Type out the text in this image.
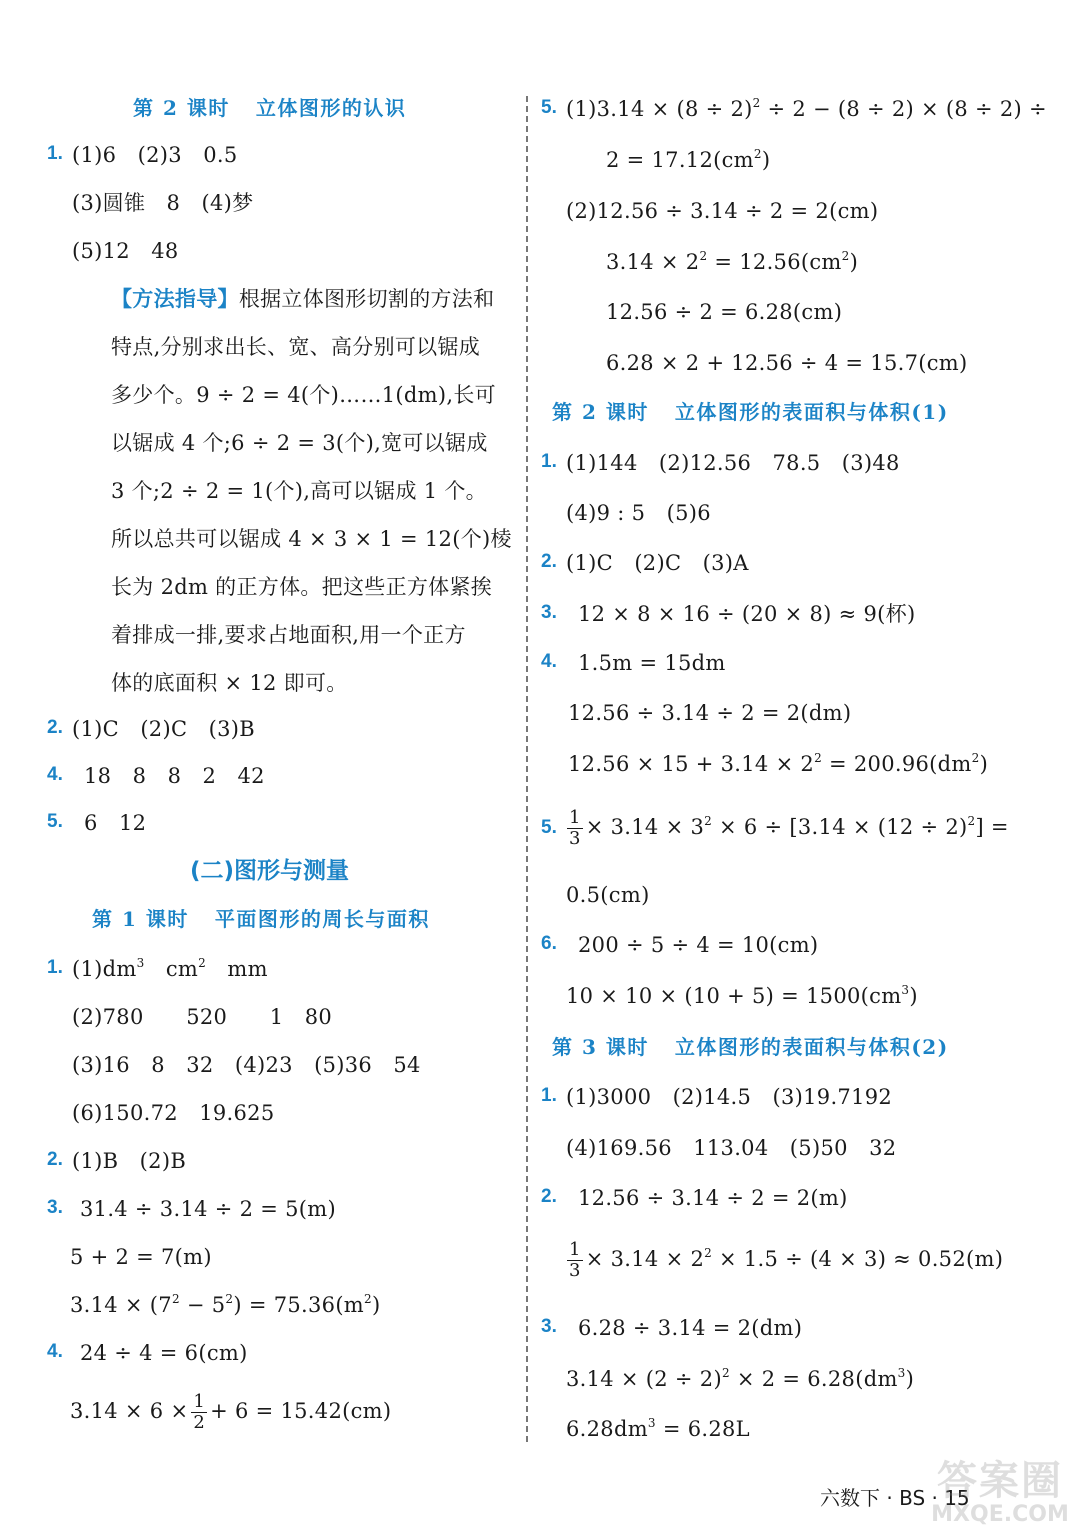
第 2 课时 立体图形的认识
1. (1)6　(2)3　0.5
(3)圆锥　8　(4)梦
(5)12　48
【方法指导】根据立体图形切割的方法和
特点,分别求出长、宽、高分别可以锯成
多少个。9 ÷ 2 = 4(个)……1(dm),长可
以锯成 4 个;6 ÷ 2 = 3(个),宽可以锯成
3 个;2 ÷ 2 = 1(个),高可以锯成 1 个。
所以总共可以锯成 4 × 3 × 1 = 12(个)棱
长为 2dm 的正方体。把这些正方体紧挨
着排成一排,要求占地面积,用一个正方
体的底面积 × 12 即可。
2. (1)C　(2)C　(3)B
4. 18　8　8　2　42
5. 6　12
(二)图形与测量
第 1 课时 平面图形的周长与面积
1. $(1)dm^3$　$cm^2$　mm
(2)780　　520　　1　80
(3)16　8　32　(4)23　(5)36　54
(6)150.72　19.625
2. (1)B　(2)B
3. 31.4 ÷ 3.14 ÷ 2 = 5(m)
5 + 2 = 7(m)
$3.14 \times (7^2 - 5^2) = 75.36(m^2)$
4. 24 ÷ 4 = 6(cm)
$3.14 \times 6 \times \frac{1}{2} + 6 = 15.42(cm)$
5. $(1)3.14 \times (8 \div 2)^2 \div 2 - (8 \div 2) \times (8 \div 2)$ ÷
$2 = 17.12(cm^2)$
(2)12.56 ÷ 3.14 ÷ 2 = 2(cm)
$3.14 \times 2^2 = 12.56(cm^2)$
12.56 ÷ 2 = 6.28(cm)
6.28 × 2 + 12.56 ÷ 4 = 15.7(cm)
第 2 课时 立体图形的表面积与体积(1)
1. (1)144　(2)12.56　78.5　(3)48
(4)9 : 5　(5)6
2. (1)C　(2)C　(3)A
3. 12 × 8 × 16 ÷ (20 × 8) ≈ 9(杯)
4. 1.5m = 15dm
12.56 ÷ 3.14 ÷ 2 = 2(dm)
$12.56 \times 15 + 3.14 \times 2^2 = 200.96(dm^2)$
5. $\frac{1}{3} \times 3.14 \times 3^2 \times 6 \div [3.14 \times (12 \div 2)^2]$ =
0.5(cm)
6. 200 ÷ 5 ÷ 4 = 10(cm)
$10 \times 10 \times (10 + 5) = 1500(cm^3)$
第 3 课时 立体图形的表面积与体积(2)
1. (1)3000　(2)14.5　(3)19.7192
(4)169.56　113.04　(5)50　32
2. 12.56 ÷ 3.14 ÷ 2 = 2(m)
$\frac{1}{3} \times 3.14 \times 2^2 \times 1.5 \div (4 \times 3) \approx 0.52(m)$
3. 6.28 ÷ 3.14 = 2(dm)
$3.14 \times (2 \div 2)^2 \times 2 = 6.28(dm^3)$
$6.28dm^3 = 6.28L$
六数下 · BS · 15
答案圈
MXQE.COM
